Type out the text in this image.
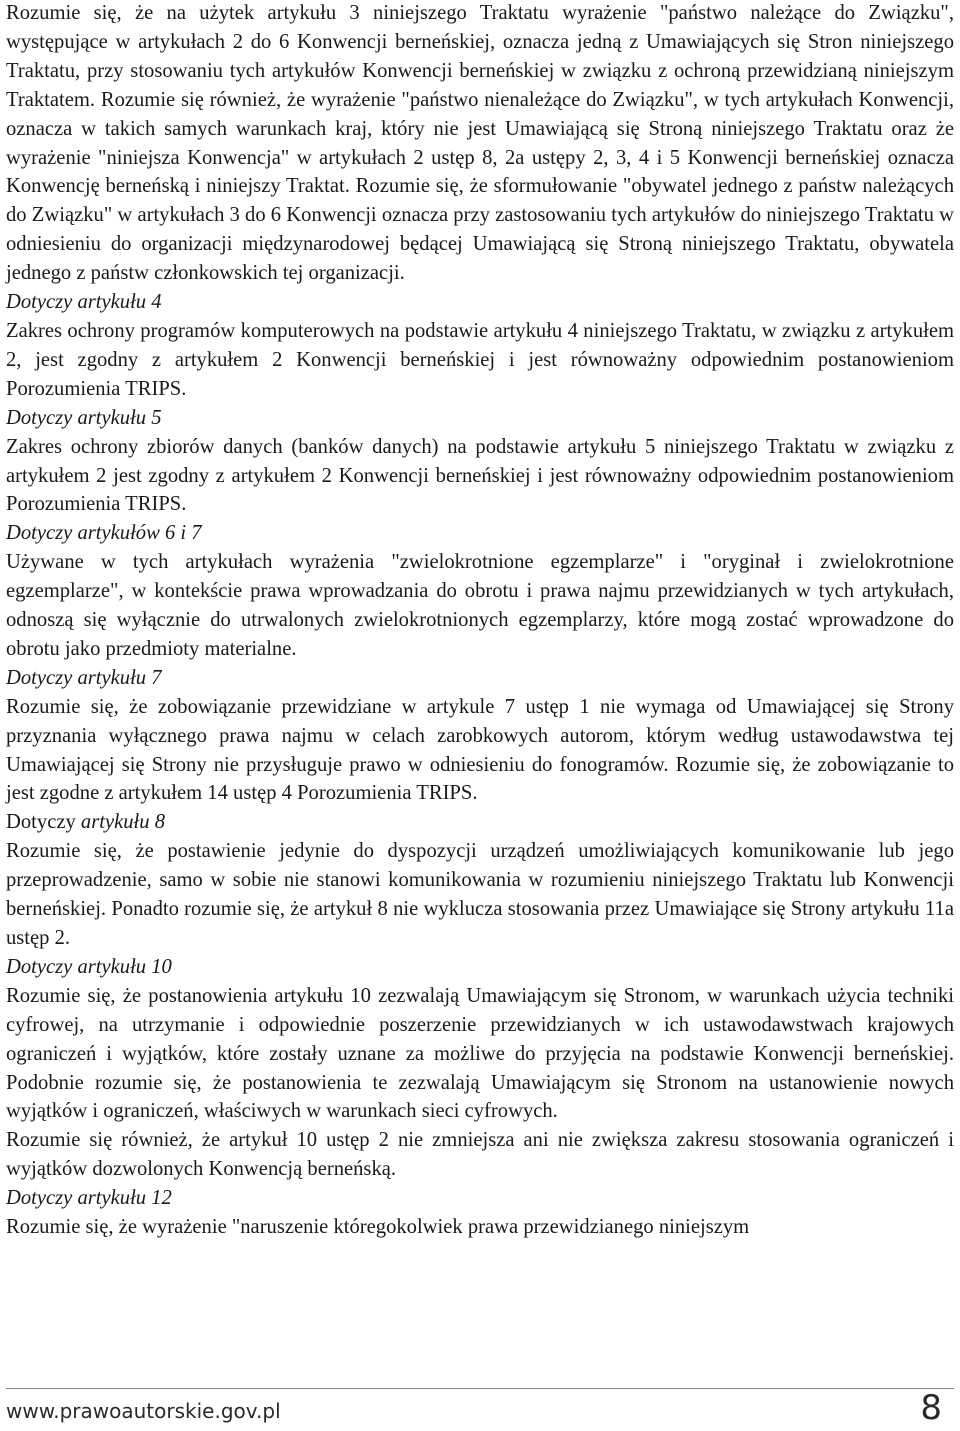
Rozumie się, że na użytek artykułu 3 niniejszego Traktatu wyrażenie "państwo należące do Związku", występujące w artykułach 2 do 6 Konwencji berneńskiej, oznacza jedną z Umawiających się Stron niniejszego Traktatu, przy stosowaniu tych artykułów Konwencji berneńskiej w związku z ochroną przewidzianą niniejszym Traktatem. Rozumie się również, że wyrażenie "państwo nienależące do Związku", w tych artykułach Konwencji, oznacza w takich samych warunkach kraj, który nie jest Umawiającą się Stroną niniejszego Traktatu oraz że wyrażenie "niniejsza Konwencja" w artykułach 2 ustęp 8, 2a ustępy 2, 3, 4 i 5 Konwencji berneńskiej oznacza Konwencję berneńską i niniejszy Traktat. Rozumie się, że sformułowanie "obywatel jednego z państw należących do Związku" w artykułach 3 do 6 Konwencji oznacza przy zastosowaniu tych artykułów do niniejszego Traktatu w odniesieniu do organizacji międzynarodowej będącej Umawiającą się Stroną niniejszego Traktatu, obywatela jednego z państw członkowskich tej organizacji.

Dotyczy artykułu 4

Zakres ochrony programów komputerowych na podstawie artykułu 4 niniejszego Traktatu, w związku z artykułem 2, jest zgodny z artykułem 2 Konwencji berneńskiej i jest równoważny odpowiednim postanowieniom Porozumienia TRIPS.

Dotyczy artykułu 5

Zakres ochrony zbiorów danych (banków danych) na podstawie artykułu 5 niniejszego Traktatu w związku z artykułem 2 jest zgodny z artykułem 2 Konwencji berneńskiej i jest równoważny odpowiednim postanowieniom Porozumienia TRIPS.

Dotyczy artykułów 6 i 7

Używane w tych artykułach wyrażenia "zwielokrotnione egzemplarze" i "oryginał i zwielokrotnione egzemplarze", w kontekście prawa wprowadzania do obrotu i prawa najmu przewidzianych w tych artykułach, odnoszą się wyłącznie do utrwalonych zwielokrotnionych egzemplarzy, które mogą zostać wprowadzone do obrotu jako przedmioty materialne.

Dotyczy artykułu 7

Rozumie się, że zobowiązanie przewidziane w artykule 7 ustęp 1 nie wymaga od Umawiającej się Strony przyznania wyłącznego prawa najmu w celach zarobkowych autorom, którym według ustawodawstwa tej Umawiającej się Strony nie przysługuje prawo w odniesieniu do fonogramów. Rozumie się, że zobowiązanie to jest zgodne z artykułem 14 ustęp 4 Porozumienia TRIPS.

Dotyczy artykułu 8

Rozumie się, że postawienie jedynie do dyspozycji urządzeń umożliwiających komunikowanie lub jego przeprowadzenie, samo w sobie nie stanowi komunikowania w rozumieniu niniejszego Traktatu lub Konwencji berneńskiej. Ponadto rozumie się, że artykuł 8 nie wyklucza stosowania przez Umawiające się Strony artykułu 11a ustęp 2.

Dotyczy artykułu 10

Rozumie się, że postanowienia artykułu 10 zezwalają Umawiającym się Stronom, w warunkach użycia techniki cyfrowej, na utrzymanie i odpowiednie poszerzenie przewidzianych w ich ustawodawstwach krajowych ograniczeń i wyjątków, które zostały uznane za możliwe do przyjęcia na podstawie Konwencji berneńskiej. Podobnie rozumie się, że postanowienia te zezwalają Umawiającym się Stronom na ustanowienie nowych wyjątków i ograniczeń, właściwych w warunkach sieci cyfrowych.

Rozumie się również, że artykuł 10 ustęp 2 nie zmniejsza ani nie zwiększa zakresu stosowania ograniczeń i wyjątków dozwolonych Konwencją berneńską.

Dotyczy artykułu 12

Rozumie się, że wyrażenie "naruszenie któregokolwiek prawa przewidzianego niniejszym

www.prawoautorskie.gov.pl	8
